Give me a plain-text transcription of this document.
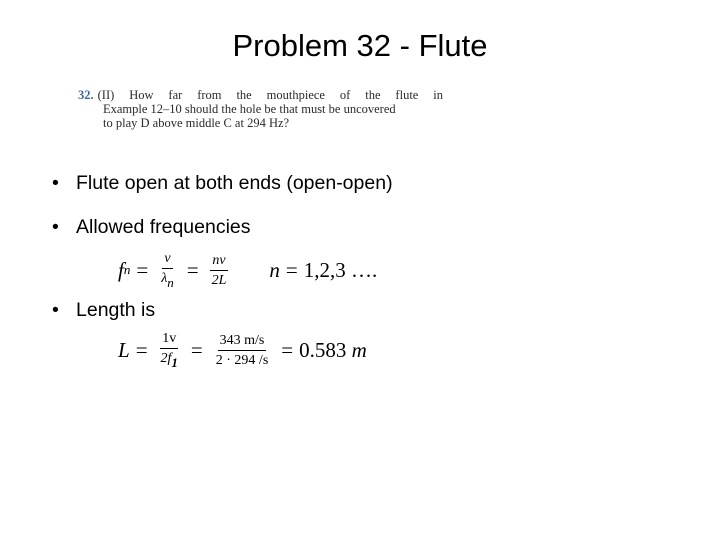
Problem 32 - Flute
32. (II) How far from the mouthpiece of the flute in
Example 12–10 should the hole be that must be uncovered
to play D above middle C at 294 Hz?
• Flute open at both ends (open-open)
• Allowed frequencies
f $n = \frac{v}{\lambda n} = \frac{nv}{2L}$ n = 1,2,3 ….
• Length is
$L = \frac{1v}{2f1} = \frac{343 m/s}{2 \cdot 294 /s} = 0.583$
m
